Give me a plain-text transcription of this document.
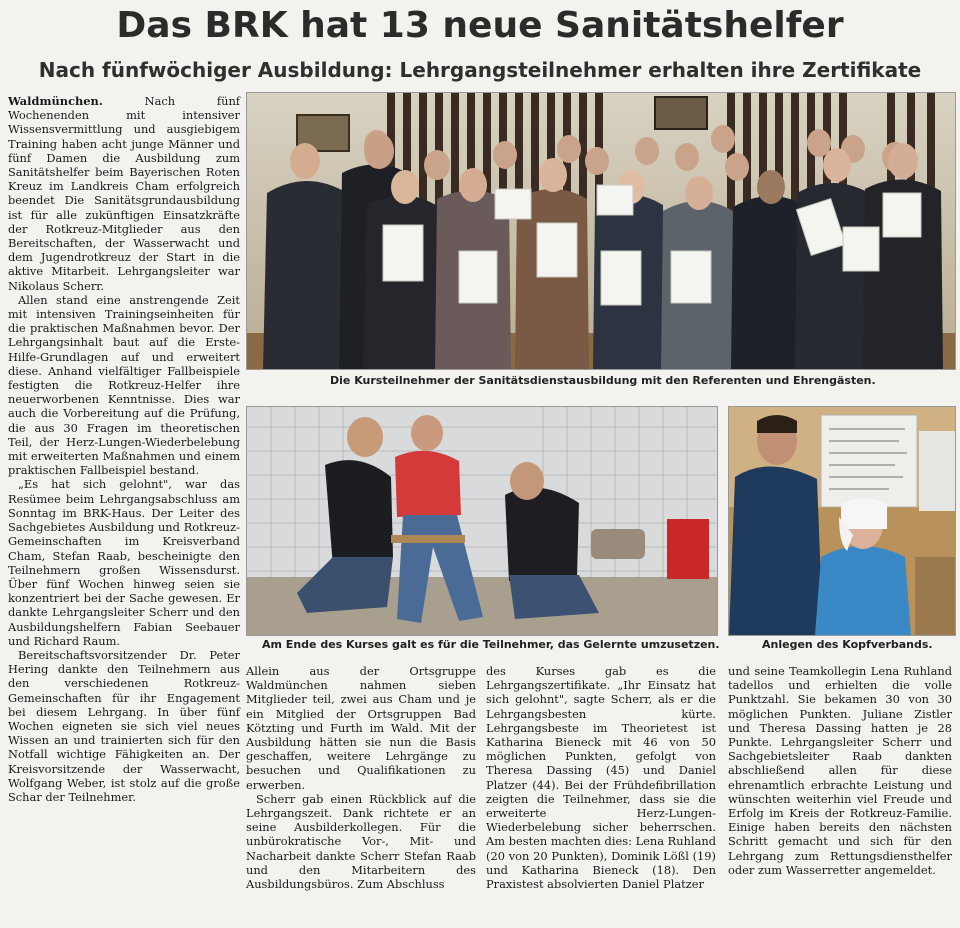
Das BRK hat 13 neue Sanitätshelfer
Nach fünfwöchiger Ausbildung: Lehrgangsteilnehmer erhalten ihre Zertifikate

Waldmünchen.	Nach fünf Wochenenden mit intensiver Wissensvermittlung und ausgiebigem Training haben acht junge Männer und fünf Damen die Ausbildung zum Sanitätshelfer beim Bayerischen Roten Kreuz im Landkreis Cham erfolgreich beendet Die Sanitätsgrundausbildung ist für alle zukünftigen Einsatzkräfte der Rotkreuz-Mitglieder aus den Bereitschaften, der Wasserwacht und dem Jugendrotkreuz der Start in die aktive Mitarbeit. Lehrgangsleiter war Nikolaus Scherr.

Allen stand eine anstrengende Zeit mit intensiven Trainingseinheiten für die praktischen Maßnahmen bevor. Der Lehrgangsinhalt baut auf die Erste-Hilfe-Grundlagen auf und erweitert diese. Anhand vielfältiger Fallbeispiele festigten die Rotkreuz-Helfer ihre neuerworbenen Kenntnisse. Dies war auch die Vorbereitung auf die Prüfung, die aus 30 Fragen im theoretischen Teil, der Herz-Lungen-Wiederbelebung mit erweiterten Maßnahmen und einem praktischen Fallbeispiel bestand.

„Es hat sich gelohnt", war das Resümee beim Lehrgangsabschluss am Sonntag im BRK-Haus. Der Leiter des Sachgebietes Ausbildung und Rotkreuz-Gemeinschaften im Kreisverband Cham, Stefan Raab, bescheinigte den Teilnehmern großen Wissensdurst. Über fünf Wochen hinweg seien sie konzentriert bei der Sache gewesen. Er dankte Lehrgangsleiter Scherr und den Ausbildungshelfern Fabian Seebauer und Richard Raum.

Bereitschaftsvorsitzender Dr. Peter Hering dankte den Teilnehmern aus den verschiedenen Rotkreuz-Gemeinschaften für ihr Engagement bei diesem Lehrgang. In über fünf Wochen eigneten sie sich viel neues Wissen an und trainierten sich für den Notfall wichtige Fähigkeiten an. Der Kreisvorsitzende der Wasserwacht, Wolfgang Weber, ist stolz auf die große Schar der Teilnehmer.

Die Kursteilnehmer der Sanitätsdienstausbildung mit den Referenten und Ehrengästen.
Am Ende des Kurses galt es für die Teilnehmer, das Gelernte umzusetzen.	Anlegen des Kopfverbands.

Allein aus der Ortsgruppe Waldmünchen nahmen sieben Mitglieder teil, zwei aus Cham und je ein Mitglied der Ortsgruppen Bad Kötzting und Furth im Wald. Mit der Ausbildung hätten sie nun die Basis geschaffen, weitere Lehrgänge zu besuchen und Qualifikationen zu erwerben.

Scherr gab einen Rückblick auf die Lehrgangszeit. Dank richtete er an seine Ausbilderkollegen. Für die unbürokratische Vor-, Mit- und Nacharbeit dankte Scherr Stefan Raab und den Mitarbeitern des Ausbildungsbüros. Zum Abschluss

des Kurses gab es die Lehrgangszertifikate. „Ihr Einsatz hat sich gelohnt", sagte Scherr, als er die Lehrgangsbesten kürte. Lehrgangsbeste im Theorietest ist Katharina Bieneck mit 46 von 50 möglichen Punkten, gefolgt von Theresa Dassing (45) und Daniel Platzer (44). Bei der Frühdefibrillation zeigten die Teilnehmer, dass sie die erweiterte Herz-Lungen-Wiederbelebung sicher beherrschen. Am besten machten dies: Lena Ruhland (20 von 20 Punkten), Dominik Lößl (19) und Katharina Bieneck (18). Den Praxistest absolvierten Daniel Platzer

und seine Teamkollegin Lena Ruhland tadellos und erhielten die volle Punktzahl. Sie bekamen 30 von 30 möglichen Punkten. Juliane Zistler und Theresa Dassing hatten je 28 Punkte. Lehrgangsleiter Scherr und Sachgebietsleiter Raab dankten abschließend allen für diese ehrenamtlich erbrachte Leistung und wünschten weiterhin viel Freude und Erfolg im Kreis der Rotkreuz-Familie. Einige haben bereits den nächsten Schritt gemacht und sich für den Lehrgang zum Rettungsdiensthelfer oder zum Wasserretter angemeldet.
